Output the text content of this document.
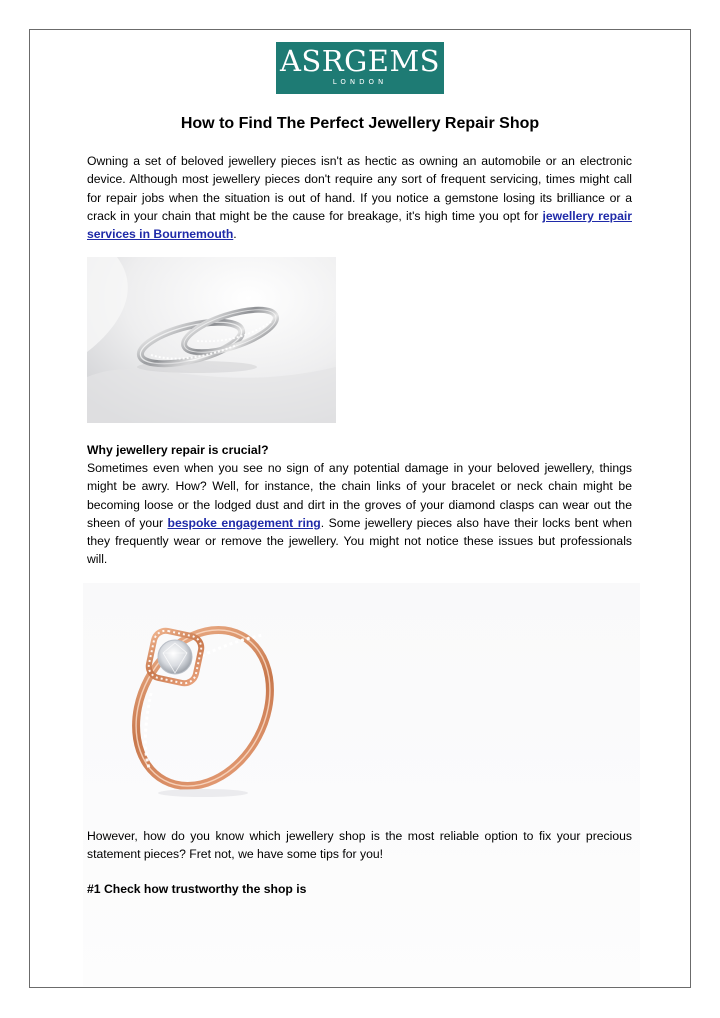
ASRGEMS
LONDON
How to Find The Perfect Jewellery Repair Shop

Owning a set of beloved jewellery pieces isn't as hectic as owning an automobile or an electronic device. Although most jewellery pieces don't require any sort of frequent servicing, times might call for repair jobs when the situation is out of hand. If you notice a gemstone losing its brilliance or a crack in your chain that might be the cause for breakage, it's high time you opt for jewellery repair services in Bournemouth.

Why jewellery repair is crucial?

Sometimes even when you see no sign of any potential damage in your beloved jewellery, things might be awry. How? Well, for instance, the chain links of your bracelet or neck chain might be becoming loose or the lodged dust and dirt in the groves of your diamond clasps can wear out the sheen of your bespoke engagement ring. Some jewellery pieces also have their locks bent when they frequently wear or remove the jewellery. You might not notice these issues but professionals will.

However, how do you know which jewellery shop is the most reliable option to fix your precious statement pieces? Fret not, we have some tips for you!

#1 Check how trustworthy the shop is
